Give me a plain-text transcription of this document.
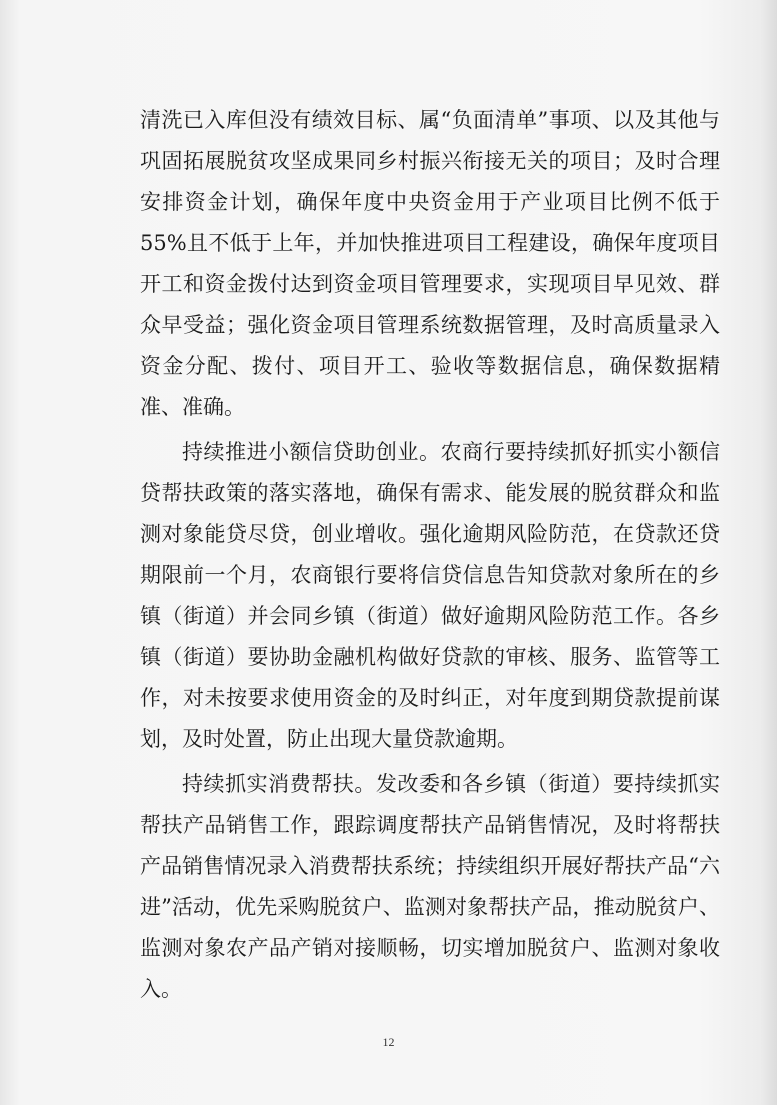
清洗已入库但没有绩效目标、属“负面清单”事项、以及其他与巩固拓展脱贫攻坚成果同乡村振兴衔接无关的项目；及时合理安排资金计划，确保年度中央资金用于产业项目比例不低于55%且不低于上年，并加快推进项目工程建设，确保年度项目开工和资金拨付达到资金项目管理要求，实现项目早见效、群众早受益；强化资金项目管理系统数据管理，及时高质量录入资金分配、拨付、项目开工、验收等数据信息，确保数据精准、准确。

持续推进小额信贷助创业。农商行要持续抓好抓实小额信贷帮扶政策的落实落地，确保有需求、能发展的脱贫群众和监测对象能贷尽贷，创业增收。强化逾期风险防范，在贷款还贷期限前一个月，农商银行要将信贷信息告知贷款对象所在的乡镇（街道）并会同乡镇（街道）做好逾期风险防范工作。各乡镇（街道）要协助金融机构做好贷款的审核、服务、监管等工作，对未按要求使用资金的及时纠正，对年度到期贷款提前谋划，及时处置，防止出现大量贷款逾期。

持续抓实消费帮扶。发改委和各乡镇（街道）要持续抓实帮扶产品销售工作，跟踪调度帮扶产品销售情况，及时将帮扶产品销售情况录入消费帮扶系统；持续组织开展好帮扶产品“六进”活动，优先采购脱贫户、监测对象帮扶产品，推动脱贫户、监测对象农产品产销对接顺畅，切实增加脱贫户、监测对象收入。

12
